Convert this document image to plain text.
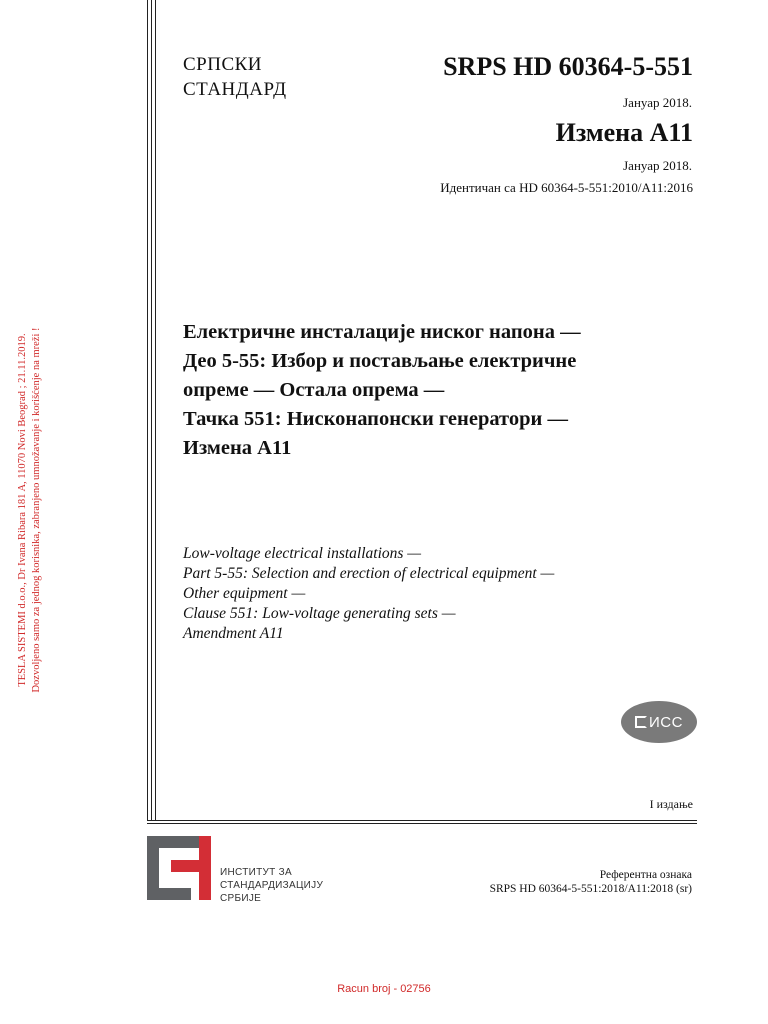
TESLA SISTEMI d.o.o., Dr Ivana Ribara 181 A, 11070 Novi Beograd ; 21.11.2019. Dozvoljeno samo za jednog korisnika, zabranjeno umnožavanje i korišćenje na mreži !
СРПСКИ
СТАНДАРД
SRPS HD 60364-5-551
Јануар 2018.
Измена А11
Јануар 2018.
Идентичан са HD 60364-5-551:2010/A11:2016
Електричне инсталације ниског напона —
Део 5-55: Избор и постављање електричне
опреме — Остала опрема —
Тачка 551: Нисконапонски генератори —
Измена А11
Low-voltage electrical installations —
Part 5-55: Selection and erection of electrical equipment —
Other equipment —
Clause 551: Low-voltage generating sets —
Amendment A11
ИСС
I издање
ИНСТИТУТ ЗА
СТАНДАРДИЗАЦИЈУ
СРБИЈЕ
Референтна ознака
SRPS HD 60364-5-551:2018/A11:2018 (sr)
Racun broj - 02756
